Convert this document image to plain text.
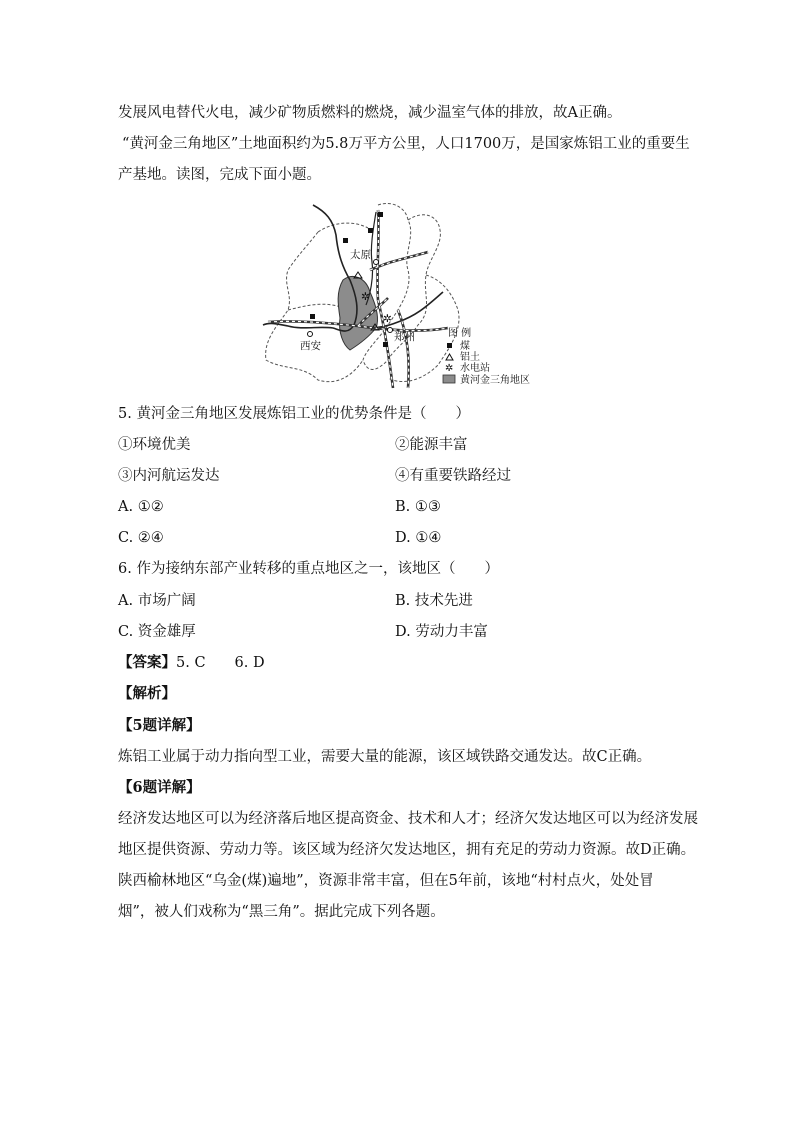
发展风电替代火电，减少矿物质燃料的燃烧，减少温室气体的排放，故A正确。
“黄河金三角地区”土地面积约为5.8万平方公里，人口1700万，是国家炼铝工业的重要生
产基地。读图，完成下面小题。
✲
✲
太原
西安
郑州	图 例
煤
铝土
✲ 水电站
黄河金三角地区
5. 黄河金三角地区发展炼铝工业的优势条件是（　　）
①环境优美	②能源丰富
③内河航运发达	④有重要铁路经过
A. ①②	B. ①③
C. ②④	D. ①④
6. 作为接纳东部产业转移的重点地区之一，该地区（　　）
A. 市场广阔	B. 技术先进
C. 资金雄厚	D. 劳动力丰富
【答案】5. C　　6. D
【解析】
【5题详解】
炼铝工业属于动力指向型工业，需要大量的能源，该区域铁路交通发达。故C正确。
【6题详解】
经济发达地区可以为经济落后地区提高资金、技术和人才；经济欠发达地区可以为经济发展
地区提供资源、劳动力等。该区域为经济欠发达地区，拥有充足的劳动力资源。故D正确。
陕西榆林地区“乌金(煤)遍地”，资源非常丰富，但在5年前，该地“村村点火，处处冒
烟”，被人们戏称为“黑三角”。据此完成下列各题。
